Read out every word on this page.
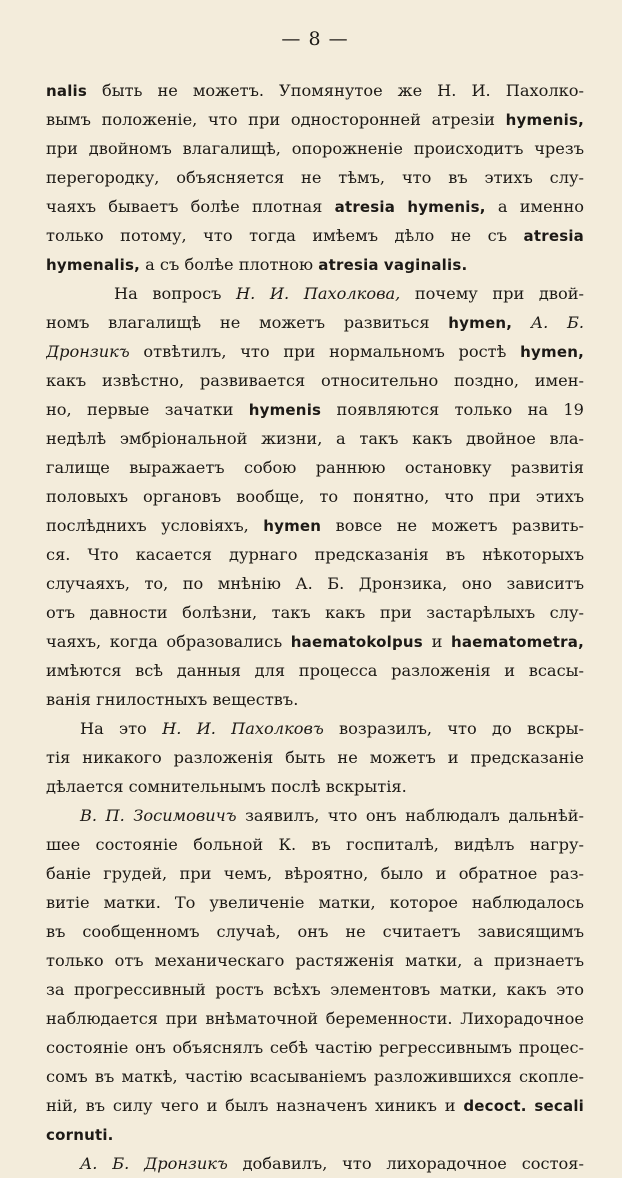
— 8 —
nalis быть не можетъ. Упомянутое же Н. И. Пахолко-
вымъ положеніе, что при односторонней атрезіи hymenis,
при двойномъ влагалищѣ, опорожненіе происходитъ чрезъ
перегородку, объясняется не тѣмъ, что въ этихъ слу-
чаяхъ бываетъ болѣе плотная atresia hymenis, а именно
только потому, что тогда имѣемъ дѣло не съ atresia
hymenalis, а съ болѣе плотною atresia vaginalis.
На вопросъ Н. И. Пахолкова, почему при двой-
номъ влагалищѣ не можетъ развиться hymen, А. Б.
Дронзикъ отвѣтилъ, что при нормальномъ ростѣ hymen,
какъ извѣстно, развивается относительно поздно, имен-
но, первые зачатки hymenis появляются только на 19
недѣлѣ эмбріональной жизни, а такъ какъ двойное вла-
галище выражаетъ собою раннюю остановку развитія
половыхъ органовъ вообще, то понятно, что при этихъ
послѣднихъ условіяхъ, hymen вовсе не можетъ развить-
ся. Что касается дурнаго предсказанія въ нѣкоторыхъ
случаяхъ, то, по мнѣнію А. Б. Дронзика, оно зависитъ
отъ давности болѣзни, такъ какъ при застарѣлыхъ слу-
чаяхъ, когда образовались haematokolpus и haematometra,
имѣются всѣ данныя для процесса разложенія и всасы-
ванія гнилостныхъ веществъ.
На это Н. И. Пахолковъ возразилъ, что до вскры-
тія никакого разложенія быть не можетъ и предсказаніе
дѣлается сомнительнымъ послѣ вскрытія.
В. П. Зосимовичъ заявилъ, что онъ наблюдалъ дальнѣй-
шее состояніе больной К. въ госпиталѣ, видѣлъ нагру-
баніе грудей, при чемъ, вѣроятно, было и обратное раз-
витіе матки. То увеличеніе матки, которое наблюдалось
въ сообщенномъ случаѣ, онъ не считаетъ зависящимъ
только отъ механическаго растяженія матки, а признаетъ
за прогрессивный ростъ всѣхъ элементовъ матки, какъ это
наблюдается при внѣматочной беременности. Лихорадочное
состояніе онъ объяснялъ себѣ частію регрессивнымъ процес-
сомъ въ маткѣ, частію всасываніемъ разложившихся скопле-
ній, въ силу чего и былъ назначенъ хиникъ и decoct. secali
cornuti.
А. Б. Дронзикъ добавилъ, что лихорадочное состоя-
